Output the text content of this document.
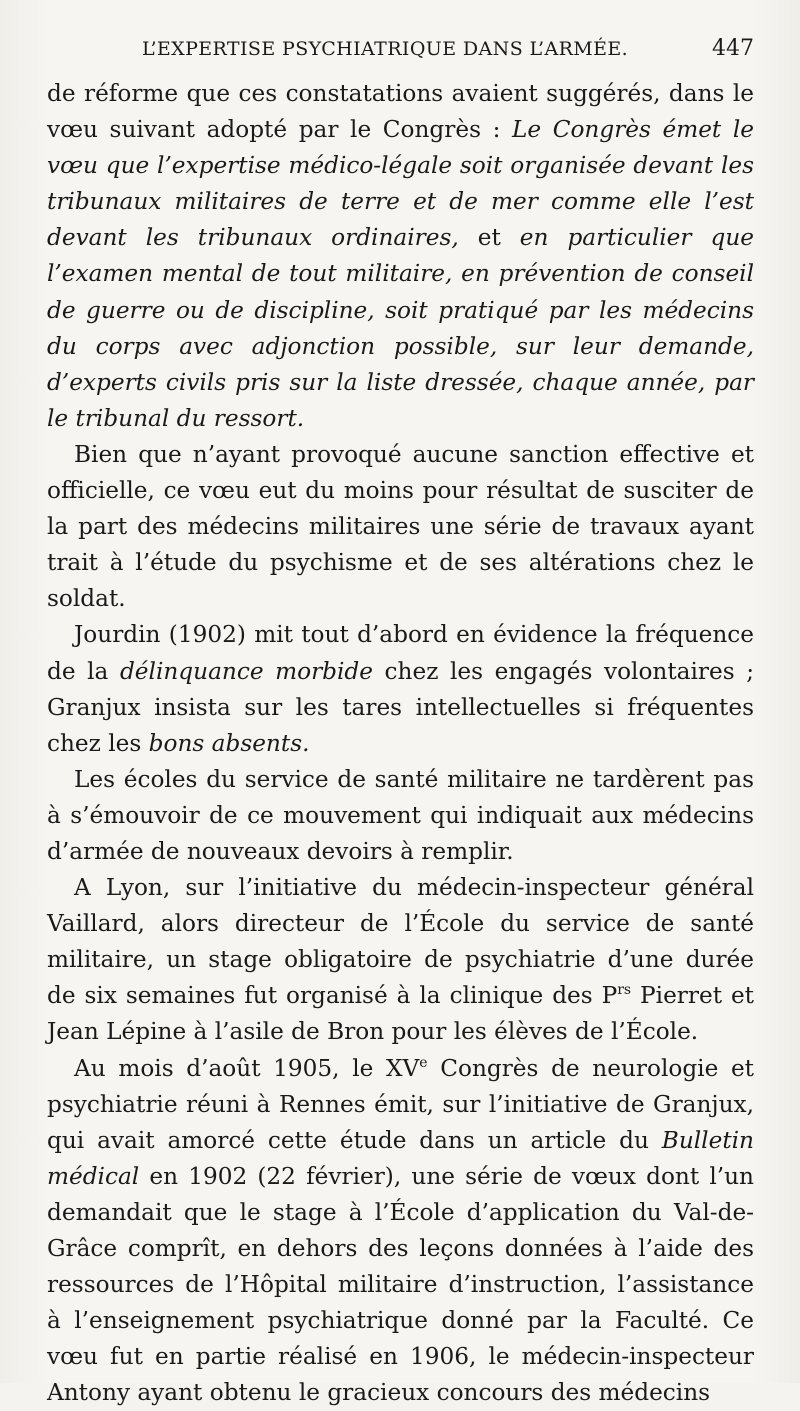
L’EXPERTISE PSYCHIATRIQUE DANS L’ARMÉE.	447

de réforme que ces constatations avaient suggérés, dans le vœu suivant adopté par le Congrès : Le Congrès émet le vœu que l’expertise médico-légale soit organisée devant les tribunaux militaires de terre et de mer comme elle l’est devant les tribunaux ordinaires, et en particulier que l’examen mental de tout militaire, en prévention de conseil de guerre ou de discipline, soit pratiqué par les médecins du corps avec adjonction possible, sur leur demande, d’experts civils pris sur la liste dressée, chaque année, par le tribunal du ressort.

Bien que n’ayant provoqué aucune sanction effective et officielle, ce vœu eut du moins pour résultat de susciter de la part des médecins militaires une série de travaux ayant trait à l’étude du psychisme et de ses altérations chez le soldat.

Jourdin (1902) mit tout d’abord en évidence la fréquence de la délinquance morbide chez les engagés volontaires ; Granjux insista sur les tares intellectuelles si fréquentes chez les bons absents.

Les écoles du service de santé militaire ne tardèrent pas à s’émouvoir de ce mouvement qui indiquait aux médecins d’armée de nouveaux devoirs à remplir.

A Lyon, sur l’initiative du médecin-inspecteur général Vaillard, alors directeur de l’École du service de santé militaire, un stage obligatoire de psychiatrie d’une durée de six semaines fut organisé à la clinique des $P^{rs}$ Pierret et Jean Lépine à l’asile de Bron pour les élèves de l’École.

Au mois d’août 1905, le XVe Congrès de neurologie et psychiatrie réuni à Rennes émit, sur l’initiative de Granjux, qui avait amorcé cette étude dans un article du Bulletin médical en 1902 (22 février), une série de vœux dont l’un demandait que le stage à l’École d’application du Val-de-Grâce comprît, en dehors des leçons données à l’aide des ressources de l’Hôpital militaire d’instruction, l’assistance à l’enseignement psychiatrique donné par la Faculté. Ce vœu fut en partie réalisé en 1906, le médecin-inspecteur Antony ayant obtenu le gracieux concours des médecins
